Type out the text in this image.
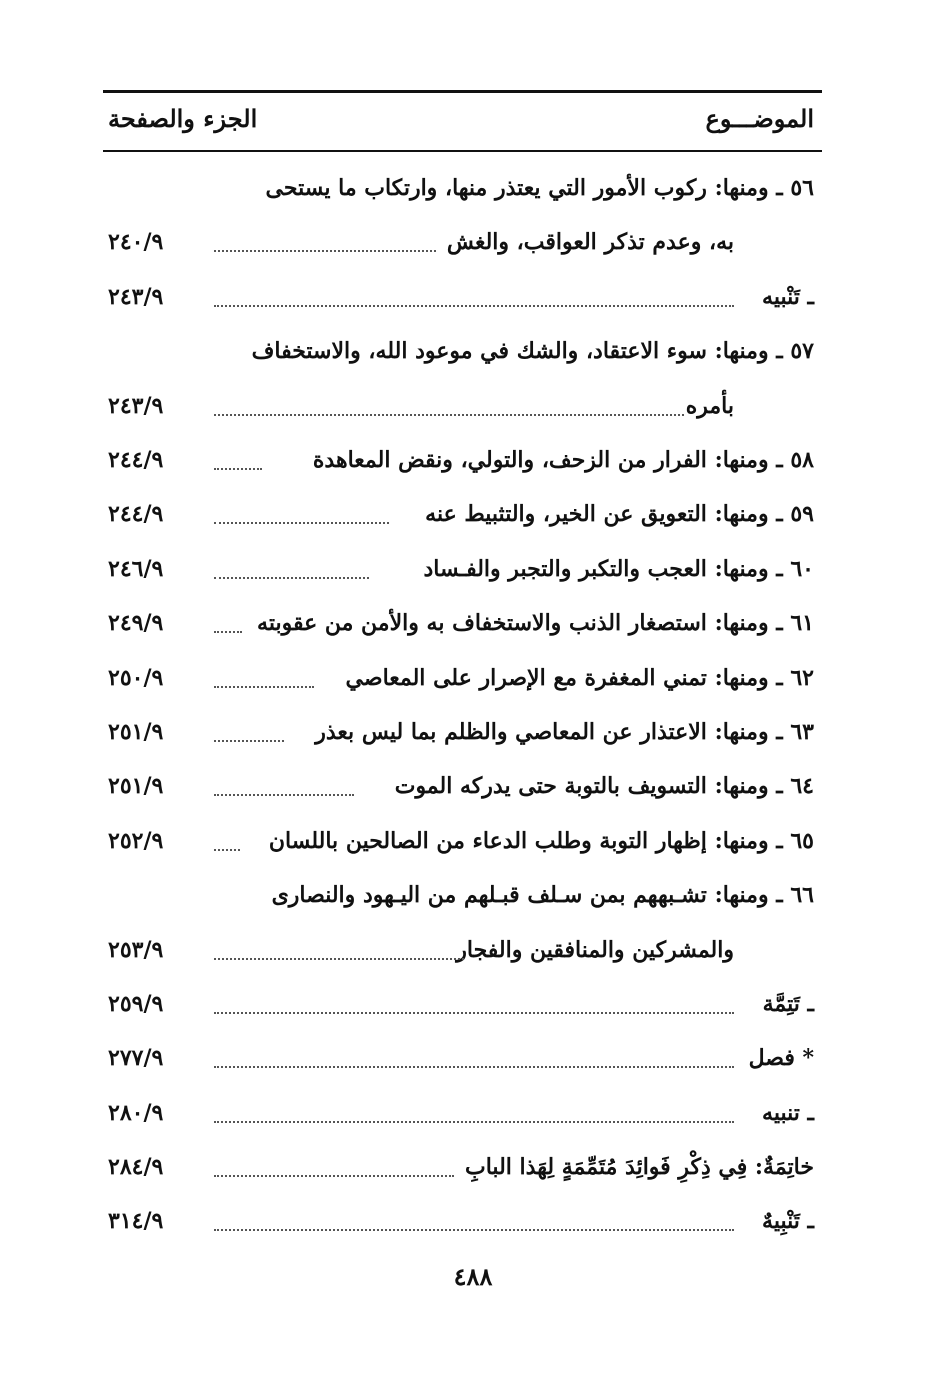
الموضـــوع
الجزء والصفحة
٥٦ ـ ومنها: ركوب الأمور التي يعتذر منها، وارتكاب ما يستحى
به، وعدم تذكر العواقب، والغش
٢٤٠/٩
ـ تَنْبيه
٢٤٣/٩
٥٧ ـ ومنها: سوء الاعتقاد، والشك في موعود الله، والاستخفاف
بأمره
٢٤٣/٩
٥٨ ـ ومنها: الفرار من الزحف، والتولي، ونقض المعاهدة
٢٤٤/٩
٥٩ ـ ومنها: التعويق عن الخير، والتثبيط عنه
٢٤٤/٩
٦٠ ـ ومنها: العجب والتكبر والتجبر والفـساد
٢٤٦/٩
٦١ ـ ومنها: استصغار الذنب والاستخفاف به والأمن من عقوبته
٢٤٩/٩
٦٢ ـ ومنها: تمني المغفرة مع الإصرار على المعاصي
٢٥٠/٩
٦٣ ـ ومنها: الاعتذار عن المعاصي والظلم بما ليس بعذر
٢٥١/٩
٦٤ ـ ومنها: التسويف بالتوبة حتى يدركه الموت
٢٥١/٩
٦٥ ـ ومنها: إظهار التوبة وطلب الدعاء من الصالحين باللسان
٢٥٢/٩
٦٦ ـ ومنها: تشـبههم بمن سـلف قبـلهم من اليـهود والنصارى
والمشركين والمنافقين والفجار
٢٥٣/٩
ـ تَتِمَّة
٢٥٩/٩
* فصل
٢٧٧/٩
ـ تنبيه
٢٨٠/٩
خاتِمَةٌ: فِي ذِكْرِ فَوائِدَ مُتَمِّمَةٍ لِهَذا البابِ
٢٨٤/٩
ـ تَنْبِيهٌ
٣١٤/٩
٤٨٨
